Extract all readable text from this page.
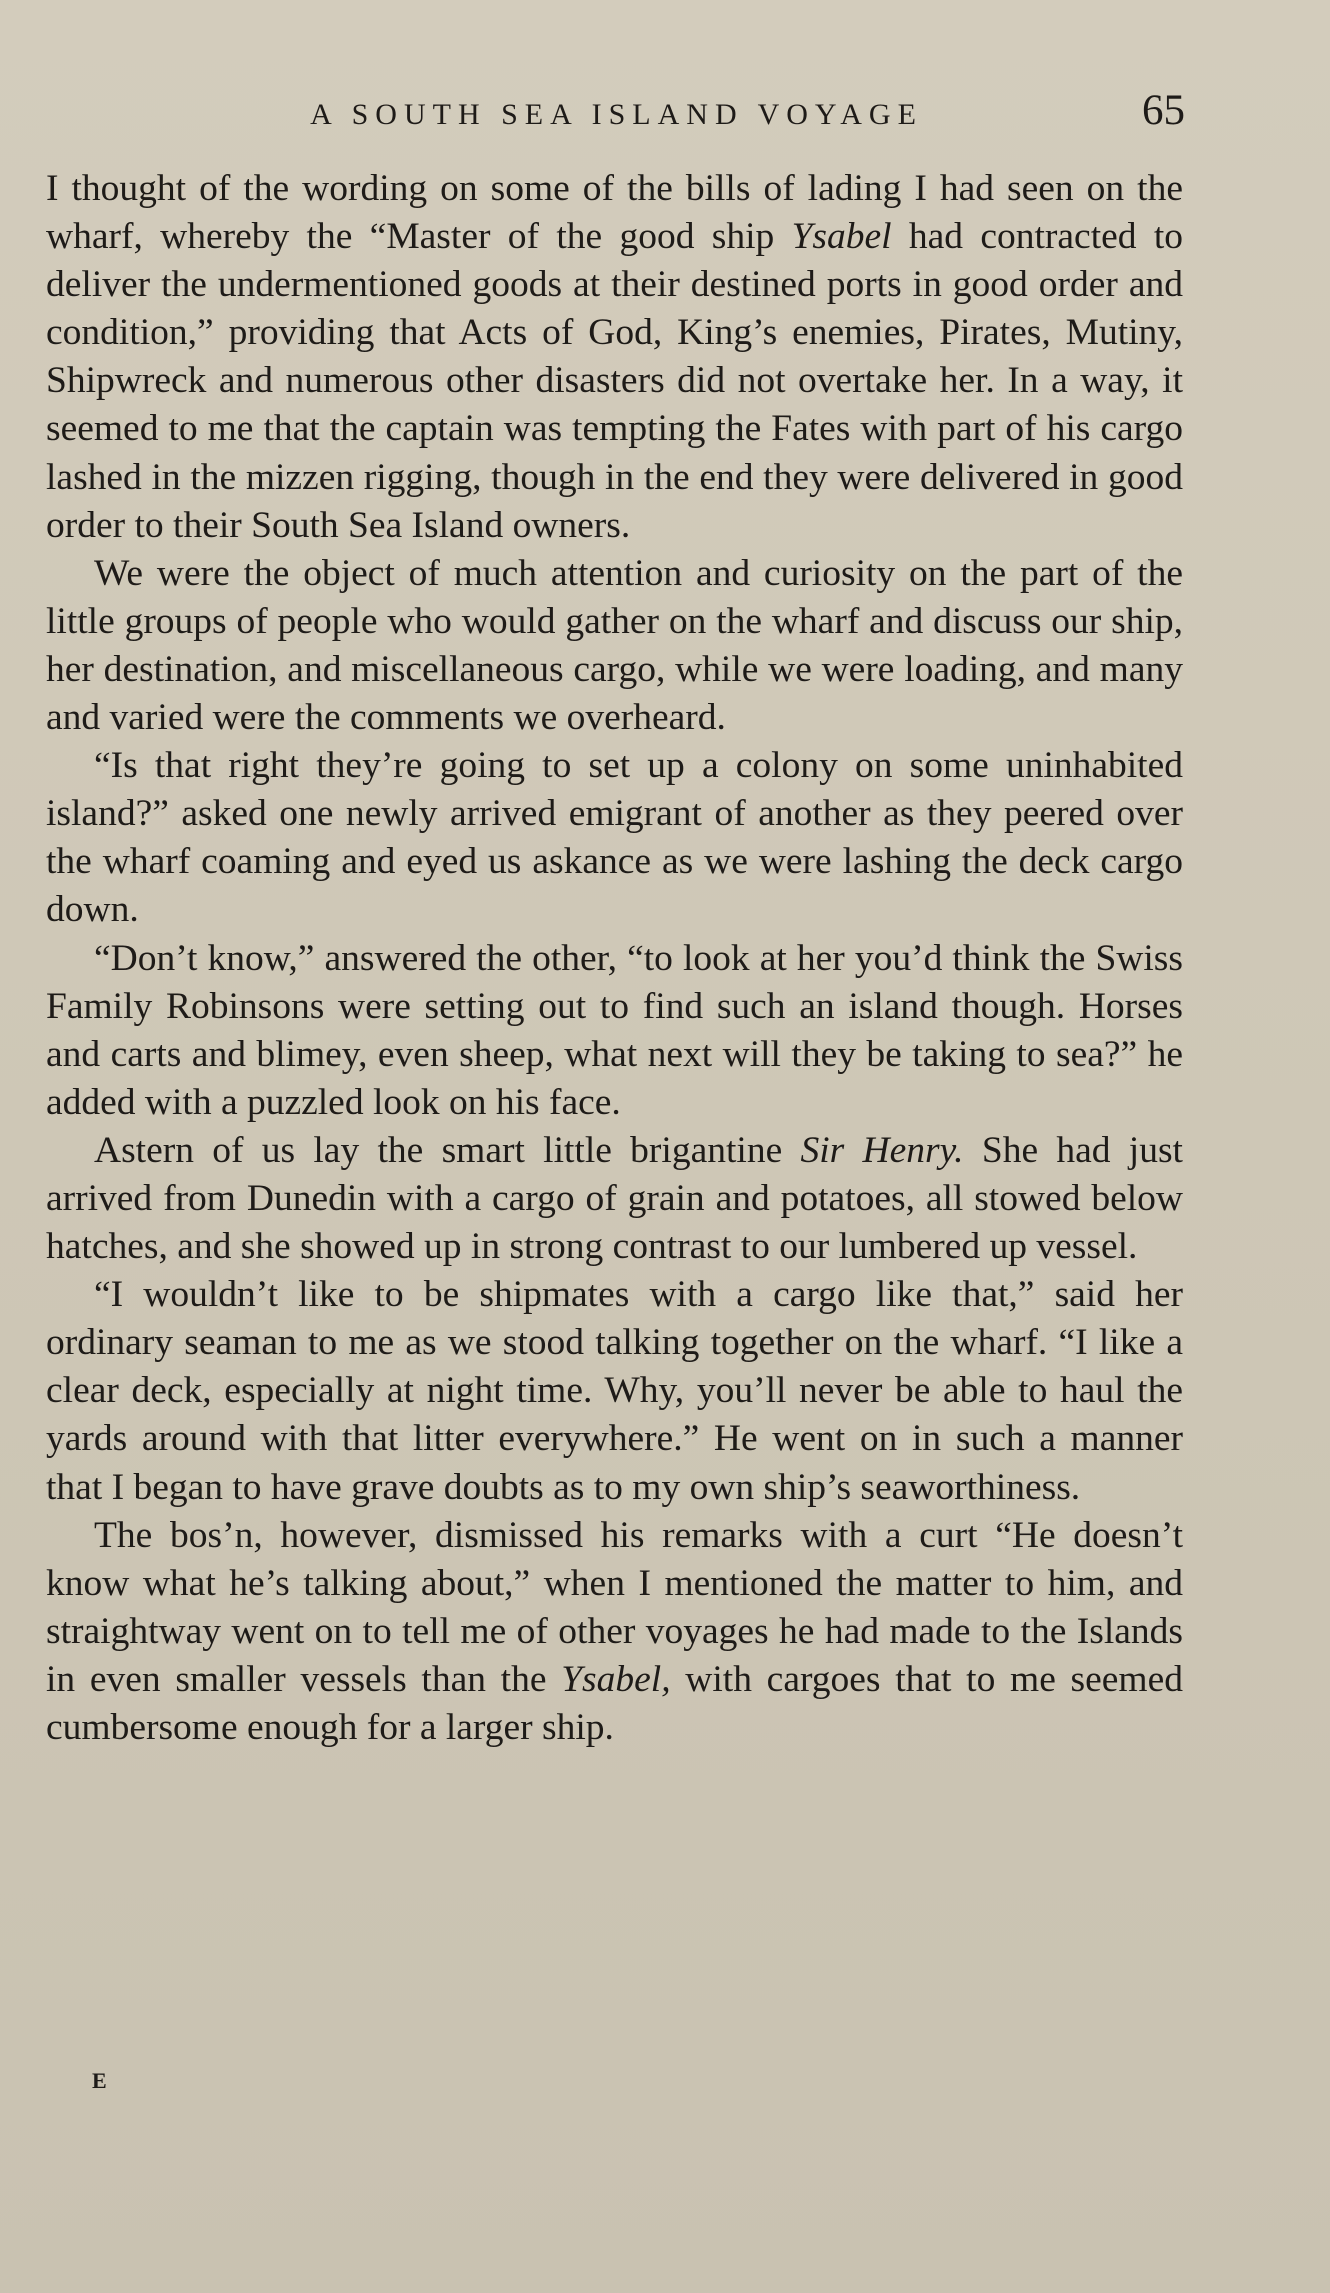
A SOUTH SEA ISLAND VOYAGE	65

I thought of the wording on some of the bills of lading I had seen on the wharf, whereby the “Master of the good ship Ysabel had contracted to deliver the undermentioned goods at their destined ports in good order and condition,” providing that Acts of God, King’s enemies, Pirates, Mutiny, Shipwreck and numerous other disasters did not overtake her. In a way, it seemed to me that the captain was tempting the Fates with part of his cargo lashed in the mizzen rigging, though in the end they were delivered in good order to their South Sea Island owners.

We were the object of much attention and curiosity on the part of the little groups of people who would gather on the wharf and discuss our ship, her destination, and miscellaneous cargo, while we were loading, and many and varied were the comments we overheard.

“Is that right they’re going to set up a colony on some uninhabited island?” asked one newly arrived emigrant of another as they peered over the wharf coaming and eyed us askance as we were lashing the deck cargo down.

“Don’t know,” answered the other, “to look at her you’d think the Swiss Family Robinsons were setting out to find such an island though. Horses and carts and blimey, even sheep, what next will they be taking to sea?” he added with a puzzled look on his face.

Astern of us lay the smart little brigantine Sir Henry. She had just arrived from Dunedin with a cargo of grain and potatoes, all stowed below hatches, and she showed up in strong contrast to our lumbered up vessel.

“I wouldn’t like to be shipmates with a cargo like that,” said her ordinary seaman to me as we stood talking together on the wharf. “I like a clear deck, especially at night time. Why, you’ll never be able to haul the yards around with that litter everywhere.” He went on in such a manner that I began to have grave doubts as to my own ship’s seaworthiness.

The bos’n, however, dismissed his remarks with a curt “He doesn’t know what he’s talking about,” when I mentioned the matter to him, and straightway went on to tell me of other voyages he had made to the Islands in even smaller vessels than the Ysabel, with cargoes that to me seemed cumbersome enough for a larger ship.

E
